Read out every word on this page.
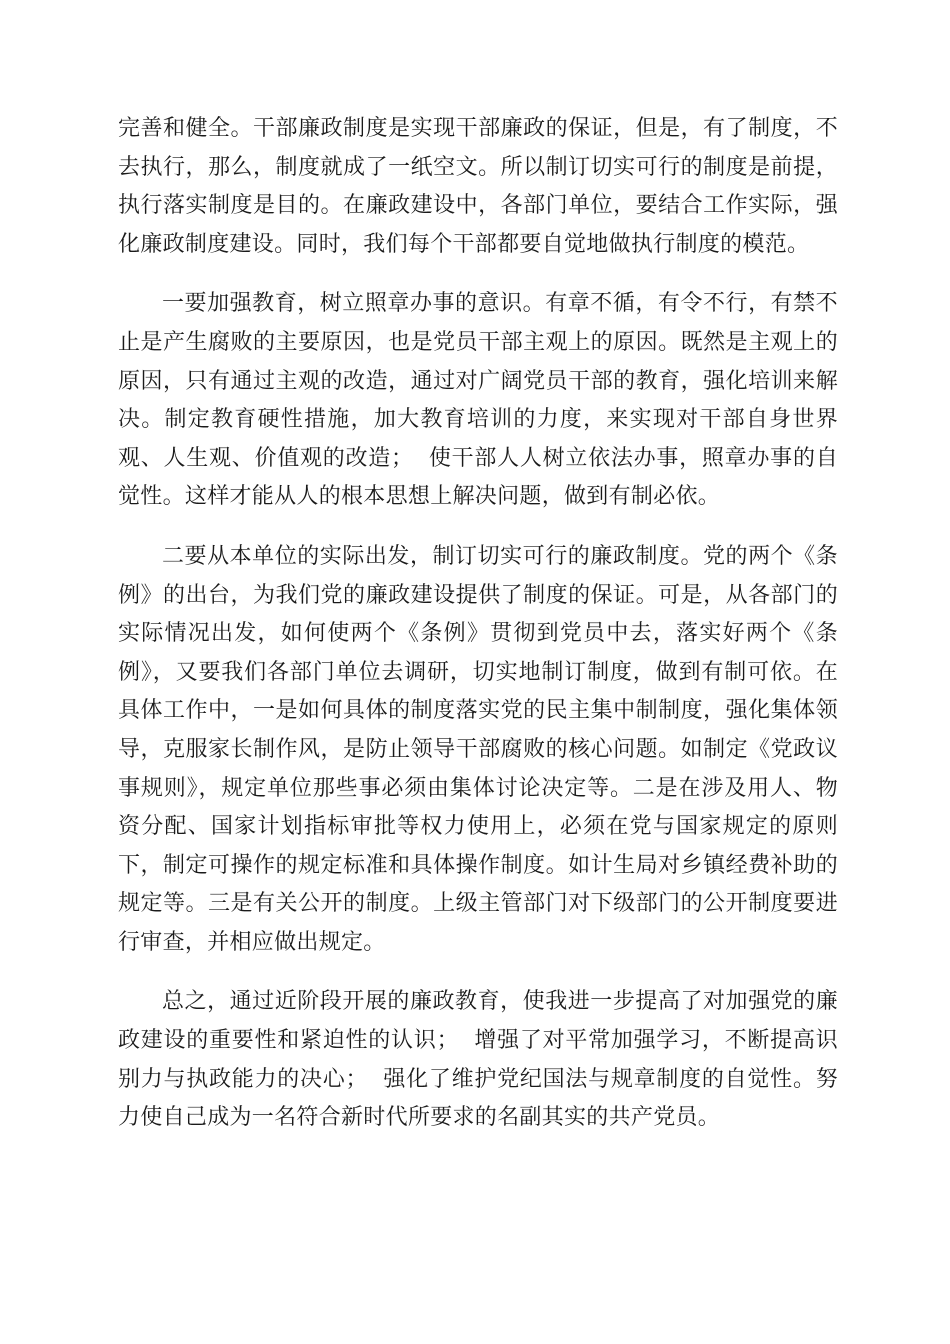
完善和健全。干部廉政制度是实现干部廉政的保证，但是，有了制度，不去执行，那么，制度就成了一纸空文。所以制订切实可行的制度是前提，执行落实制度是目的。在廉政建设中，各部门单位，要结合工作实际，强化廉政制度建设。同时，我们每个干部都要自觉地做执行制度的模范。

一要加强教育，树立照章办事的意识。有章不循，有令不行，有禁不止是产生腐败的主要原因，也是党员干部主观上的原因。既然是主观上的原因，只有通过主观的改造，通过对广阔党员干部的教育，强化培训来解决。制定教育硬性措施，加大教育培训的力度，来实现对干部自身世界观、人生观、价值观的改造；  使干部人人树立依法办事，照章办事的自觉性。这样才能从人的根本思想上解决问题，做到有制必依。

二要从本单位的实际出发，制订切实可行的廉政制度。党的两个《条例》的出台，为我们党的廉政建设提供了制度的保证。可是，从各部门的实际情况出发，如何使两个《条例》贯彻到党员中去，落实好两个《条例》，又要我们各部门单位去调研，切实地制订制度，做到有制可依。在具体工作中，一是如何具体的制度落实党的民主集中制制度，强化集体领导，克服家长制作风，是防止领导干部腐败的核心问题。如制定《党政议事规则》，规定单位那些事必须由集体讨论决定等。二是在涉及用人、物资分配、国家计划指标审批等权力使用上，必须在党与国家规定的原则下，制定可操作的规定标准和具体操作制度。如计生局对乡镇经费补助的规定等。三是有关公开的制度。上级主管部门对下级部门的公开制度要进行审查，并相应做出规定。

总之，通过近阶段开展的廉政教育，使我进一步提高了对加强党的廉政建设的重要性和紧迫性的认识；  增强了对平常加强学习，不断提高识别力与执政能力的决心；  强化了维护党纪国法与规章制度的自觉性。努力使自己成为一名符合新时代所要求的名副其实的共产党员。
